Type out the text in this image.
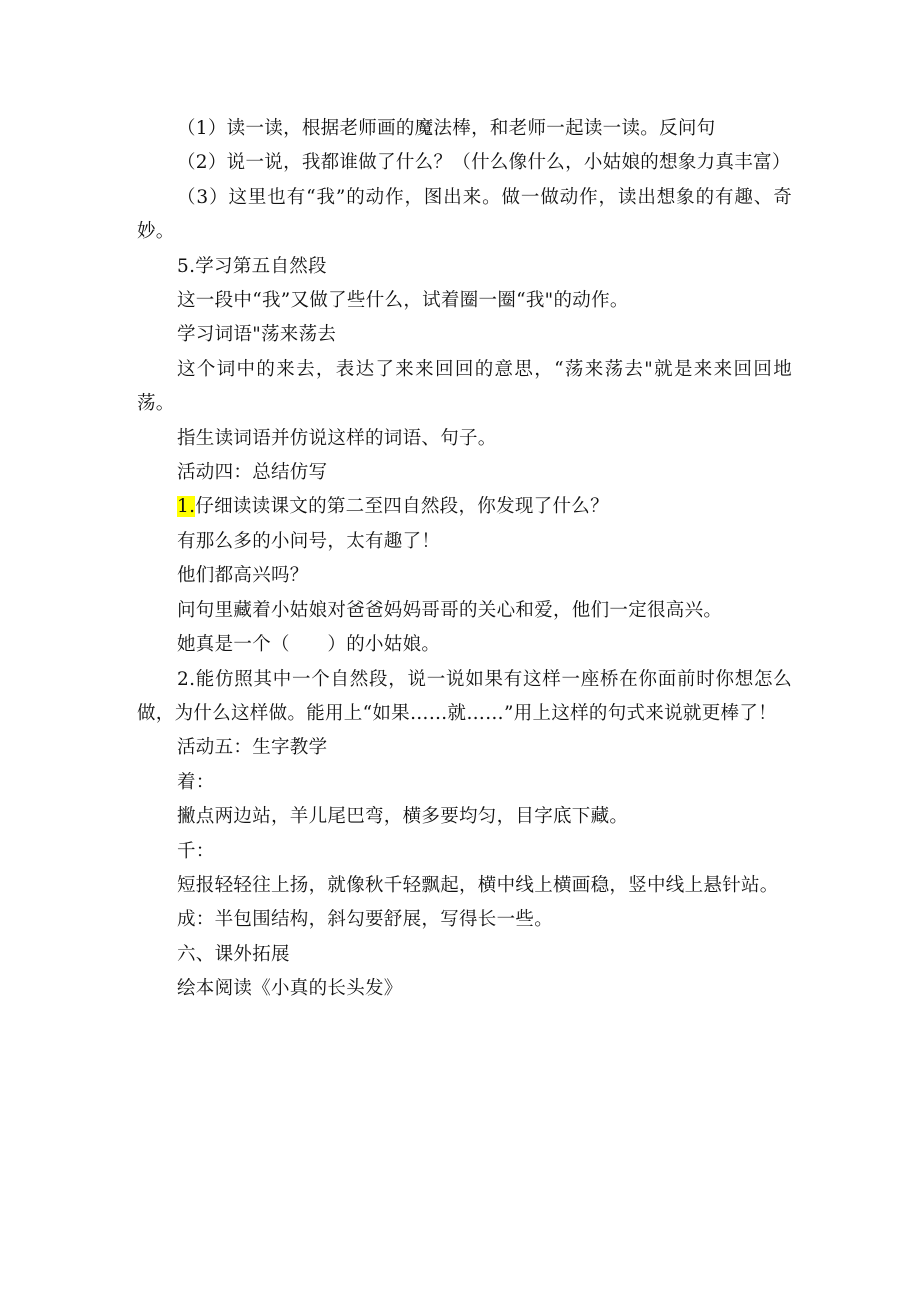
（1）读一读，根据老师画的魔法棒，和老师一起读一读。反问句

（2）说一说，我都谁做了什么？（什么像什么，小姑娘的想象力真丰富）

（3）这里也有“我”的动作，图出来。做一做动作，读出想象的有趣、奇妙。

5.学习第五自然段

这一段中“我”又做了些什么，试着圈一圈“我"的动作。

学习词语"荡来荡去

这个词中的来去，表达了来来回回的意思，“荡来荡去"就是来来回回地荡。

指生读词语并仿说这样的词语、句子。

活动四：总结仿写

1.仔细读读课文的第二至四自然段，你发现了什么？

有那么多的小问号，太有趣了！

他们都高兴吗？

问句里藏着小姑娘对爸爸妈妈哥哥的关心和爱，他们一定很高兴。

她真是一个（　　）的小姑娘。

2.能仿照其中一个自然段，说一说如果有这样一座桥在你面前时你想怎么做，为什么这样做。能用上“如果……就……”用上这样的句式来说就更棒了！

活动五：生字教学

着：

撇点两边站，羊儿尾巴弯，横多要均匀，目字底下藏。

千：

短报轻轻往上扬，就像秋千轻飘起，横中线上横画稳，竖中线上悬针站。

成：半包围结构，斜勾要舒展，写得长一些。

六、课外拓展

绘本阅读《小真的长头发》
